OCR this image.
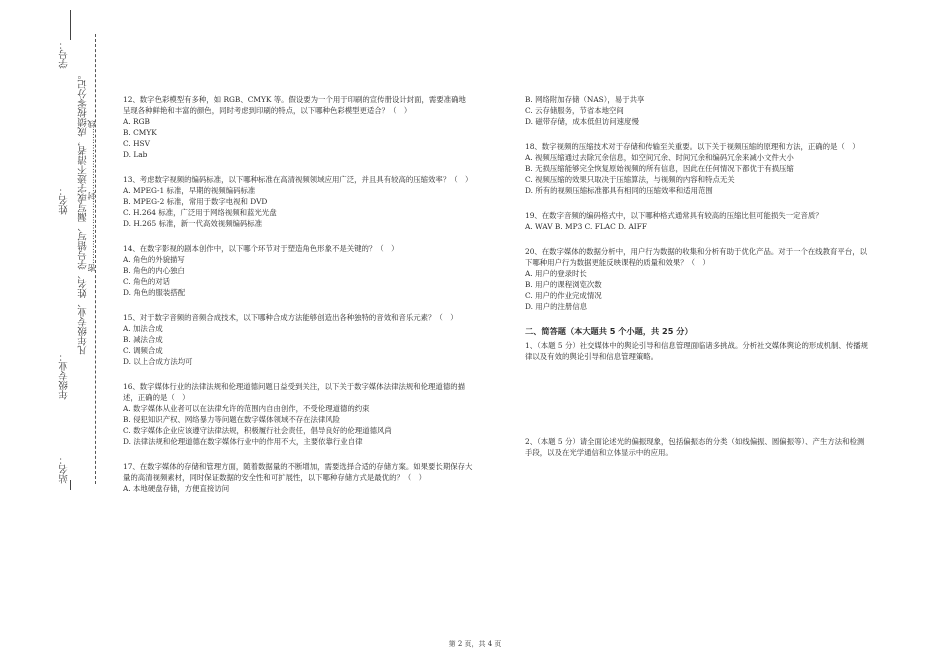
学号：
姓名：
年级专业：
站名：
凡年级专业、姓名、学号错写、漏写或字迹不清者，成绩按零分记。
密……………………封……………………线

12、数字色彩模型有多种，如 RGB、CMYK 等。假设要为一个用于印刷的宣传册设计封面，需要准确地呈现各种鲜艳和丰富的颜色，同时考虑到印刷的特点，以下哪种色彩模型更适合？（　）

A. RGB

B. CMYK

C. HSV

D. Lab

13、考虑数字视频的编码标准，以下哪种标准在高清视频领域应用广泛，并且具有较高的压缩效率？（　）

A. MPEG-1 标准，早期的视频编码标准

B. MPEG-2 标准，常用于数字电视和 DVD

C. H.264 标准，广泛用于网络视频和蓝光光盘

D. H.265 标准，新一代高效视频编码标准

14、在数字影视的剧本创作中，以下哪个环节对于塑造角色形象不是关键的？（　）

A. 角色的外貌描写

B. 角色的内心独白

C. 角色的对话

D. 角色的服装搭配

15、对于数字音频的音频合成技术，以下哪种合成方法能够创造出各种独特的音效和音乐元素？（　）

A. 加法合成

B. 减法合成

C. 调频合成

D. 以上合成方法均可

16、数字媒体行业的法律法规和伦理道德问题日益受到关注，以下关于数字媒体法律法规和伦理道德的描述，正确的是（　）

A. 数字媒体从业者可以在法律允许的范围内自由创作，不受伦理道德的约束

B. 侵犯知识产权、网络暴力等问题在数字媒体领域不存在法律风险

C. 数字媒体企业应该遵守法律法规，积极履行社会责任，倡导良好的伦理道德风尚

D. 法律法规和伦理道德在数字媒体行业中的作用不大，主要依靠行业自律

17、在数字媒体的存储和管理方面，随着数据量的不断增加，需要选择合适的存储方案。如果要长期保存大量的高清视频素材，同时保证数据的安全性和可扩展性，以下哪种存储方式是最优的？（　）

A. 本地硬盘存储，方便直接访问

B. 网络附加存储（NAS），易于共享

C. 云存储服务，节省本地空间

D. 磁带存储，成本低但访问速度慢

18、数字视频的压缩技术对于存储和传输至关重要。以下关于视频压缩的原理和方法，正确的是（　）

A. 视频压缩通过去除冗余信息，如空间冗余、时间冗余和编码冗余来减小文件大小

B. 无损压缩能够完全恢复原始视频的所有信息，因此在任何情况下都优于有损压缩

C. 视频压缩的效果只取决于压缩算法，与视频的内容和特点无关

D. 所有的视频压缩标准都具有相同的压缩效率和适用范围

19、在数字音频的编码格式中，以下哪种格式通常具有较高的压缩比但可能损失一定音质？

A. WAV B. MP3 C. FLAC D. AIFF

20、在数字媒体的数据分析中，用户行为数据的收集和分析有助于优化产品。对于一个在线教育平台，以下哪种用户行为数据更能反映课程的质量和效果？（　）

A. 用户的登录时长

B. 用户的课程浏览次数

C. 用户的作业完成情况

D. 用户的注册信息

二、简答题（本大题共 5 个小题，共 25 分）

1、（本题 5 分）社交媒体中的舆论引导和信息管理面临诸多挑战。分析社交媒体舆论的形成机制、传播规律以及有效的舆论引导和信息管理策略。

2、（本题 5 分）请全面论述光的偏振现象，包括偏振态的分类（如线偏振、圆偏振等）、产生方法和检测手段，以及在光学通信和立体显示中的应用。

第 2 页，共 4 页
